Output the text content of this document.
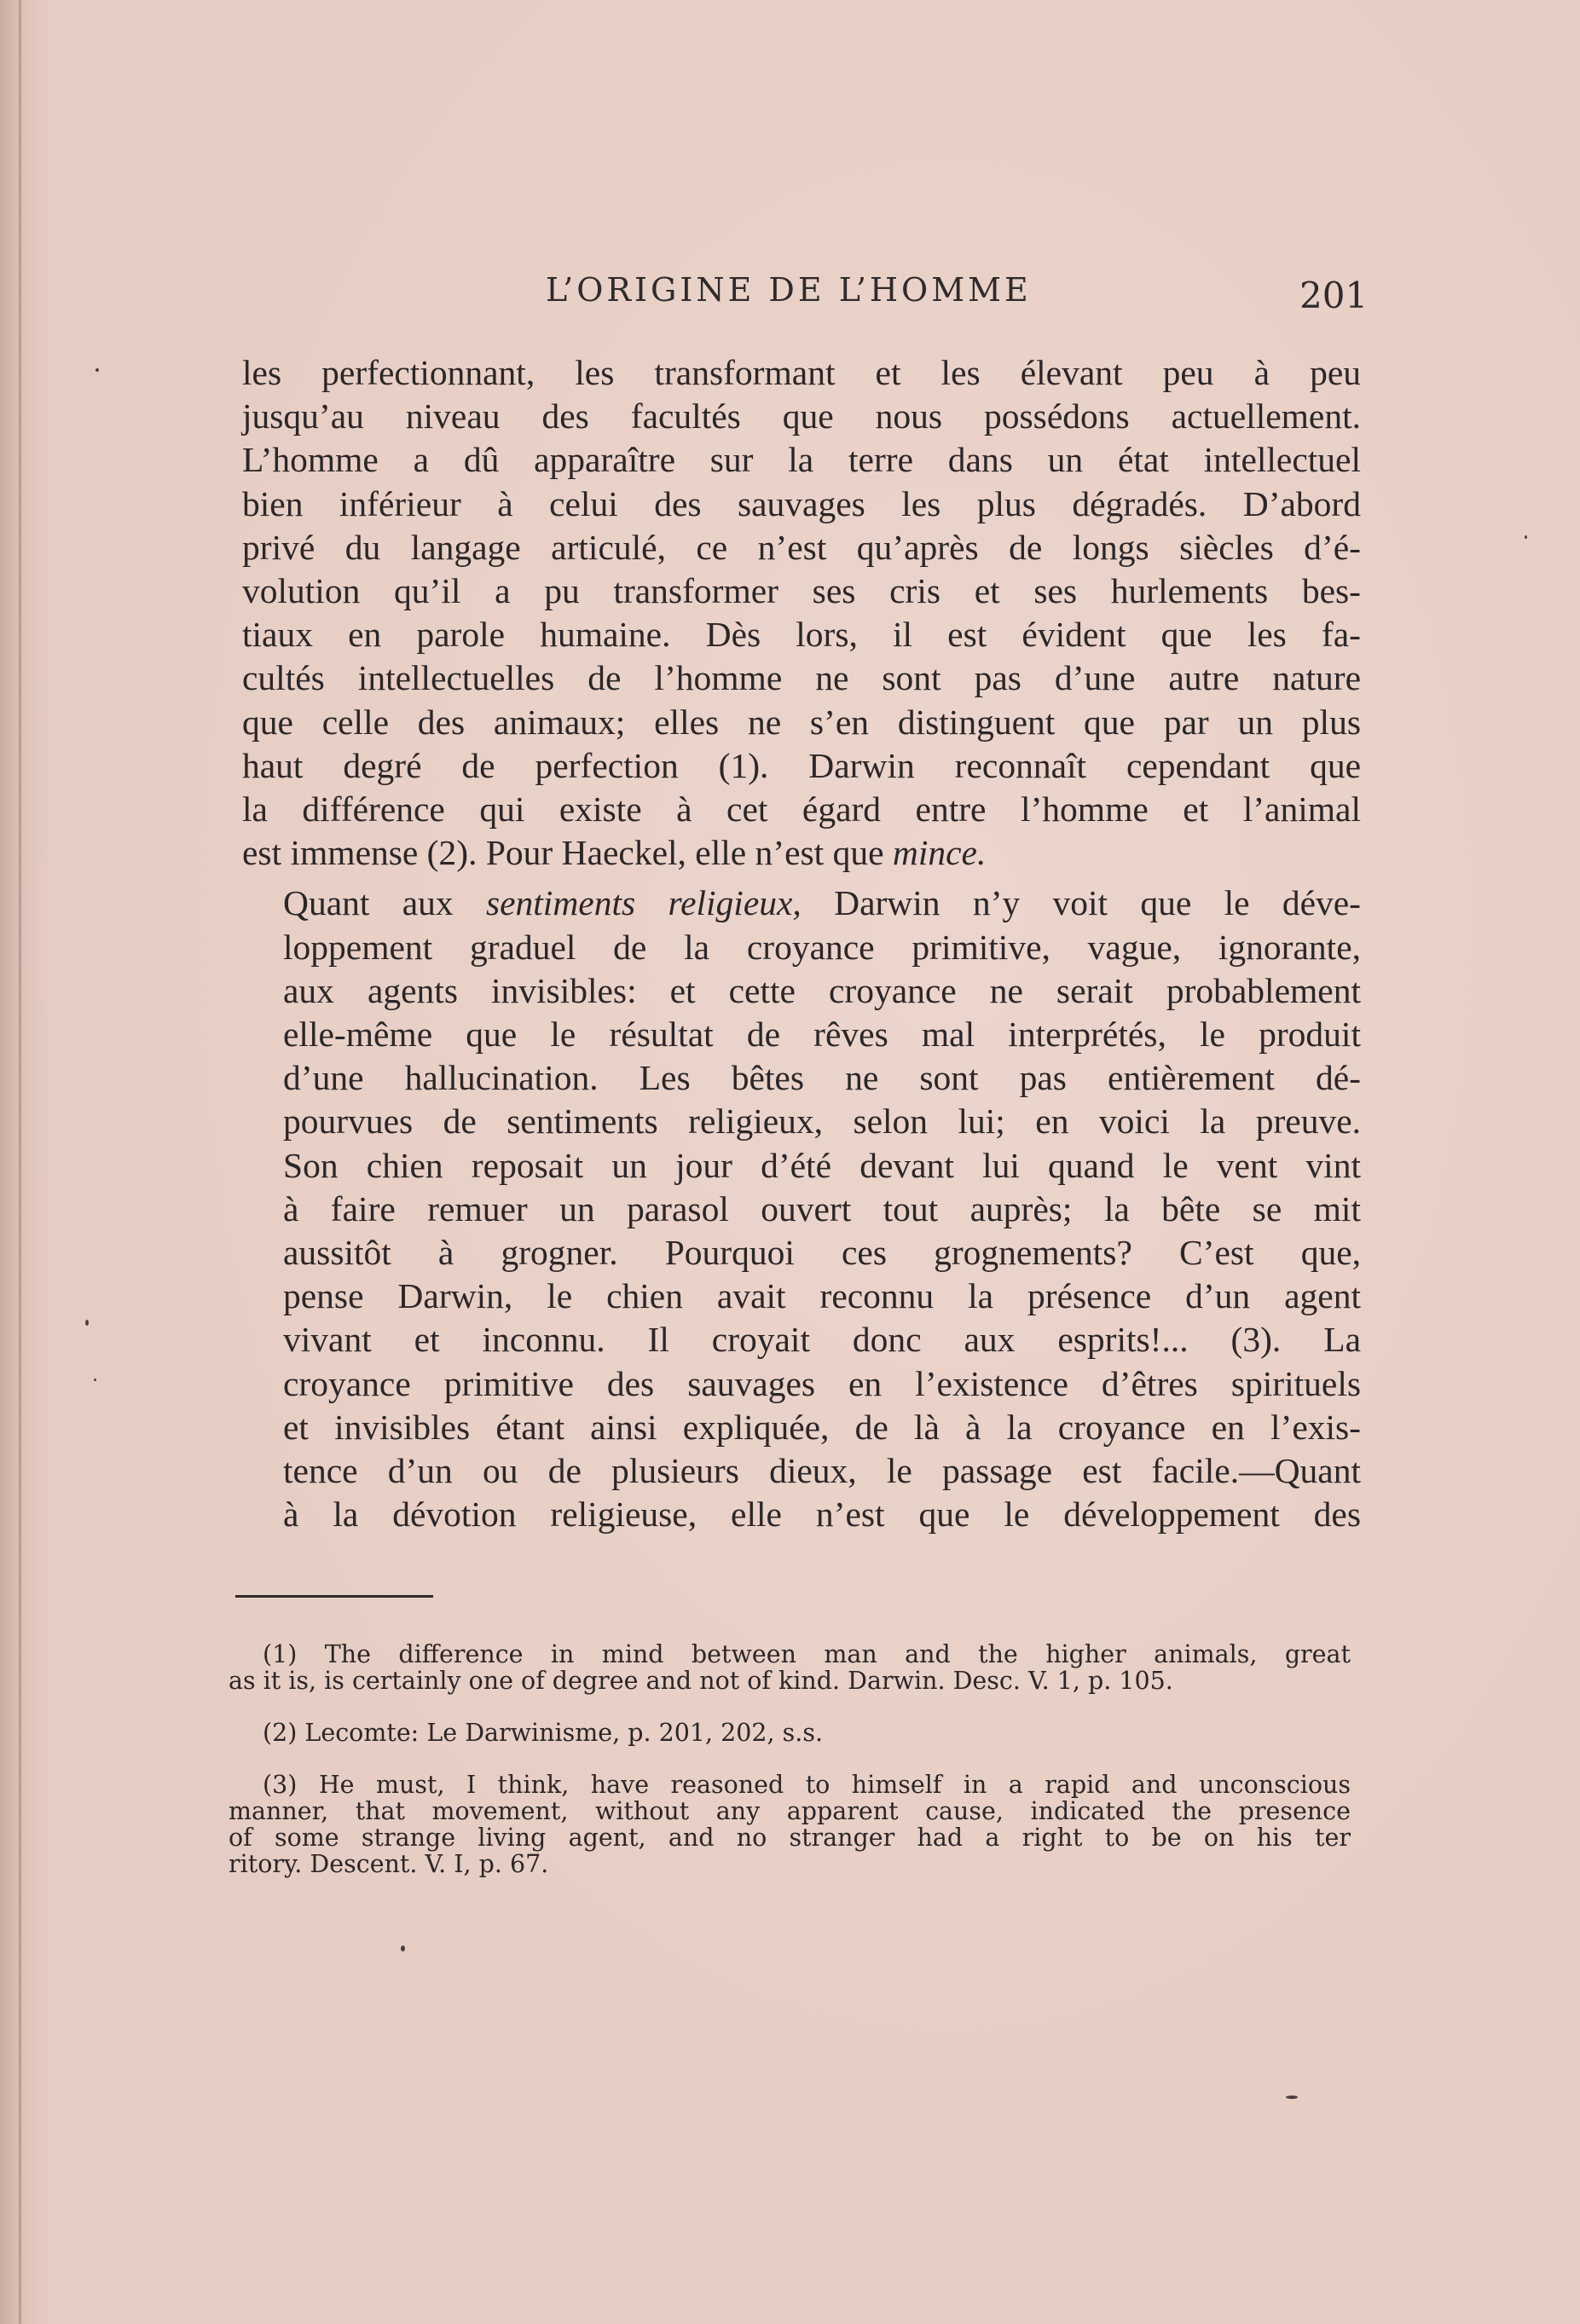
L’ORIGINE DE L’HOMME	201

les perfectionnant, les transformant et les élevant peu à peu
jusqu’au niveau des facultés que nous possédons actuellement.
L’homme a dû apparaître sur la terre dans un état intellectuel
bien inférieur à celui des sauvages les plus dégradés. D’abord
privé du langage articulé, ce n’est qu’après de longs siècles d’é-
volution qu’il a pu transformer ses cris et ses hurlements bes-
tiaux en parole humaine. Dès lors, il est évident que les fa-
cultés intellectuelles de l’homme ne sont pas d’une autre nature
que celle des animaux; elles ne s’en distinguent que par un plus
haut degré de perfection (1). Darwin reconnaît cependant que
la différence qui existe à cet égard entre l’homme et l’animal
est immense (2). Pour Haeckel, elle n’est que mince.

Quant aux sentiments religieux, Darwin n’y voit que le déve-
loppement graduel de la croyance primitive, vague, ignorante,
aux agents invisibles: et cette croyance ne serait probablement
elle-même que le résultat de rêves mal interprétés, le produit
d’une hallucination. Les bêtes ne sont pas entièrement dé-
pourvues de sentiments religieux, selon lui; en voici la preuve.
Son chien reposait un jour d’été devant lui quand le vent vint
à faire remuer un parasol ouvert tout auprès; la bête se mit
aussitôt à grogner. Pourquoi ces grognements? C’est que,
pense Darwin, le chien avait reconnu la présence d’un agent
vivant et inconnu. Il croyait donc aux esprits!... (3). La
croyance primitive des sauvages en l’existence d’êtres spirituels
et invisibles étant ainsi expliquée, de là à la croyance en l’exis-
tence d’un ou de plusieurs dieux, le passage est facile.—Quant
à la dévotion religieuse, elle n’est que le développement des

(1) The difference in mind between man and the higher animals, great
as it is, is certainly one of degree and not of kind. Darwin. Desc. V. 1, p. 105.
(2) Lecomte: Le Darwinisme, p. 201, 202, s.s.
(3) He must, I think, have reasoned to himself in a rapid and unconscious
manner, that movement, without any apparent cause, indicated the presence
of some strange living agent, and no stranger had a right to be on his ter
ritory. Descent. V. I, p. 67.
